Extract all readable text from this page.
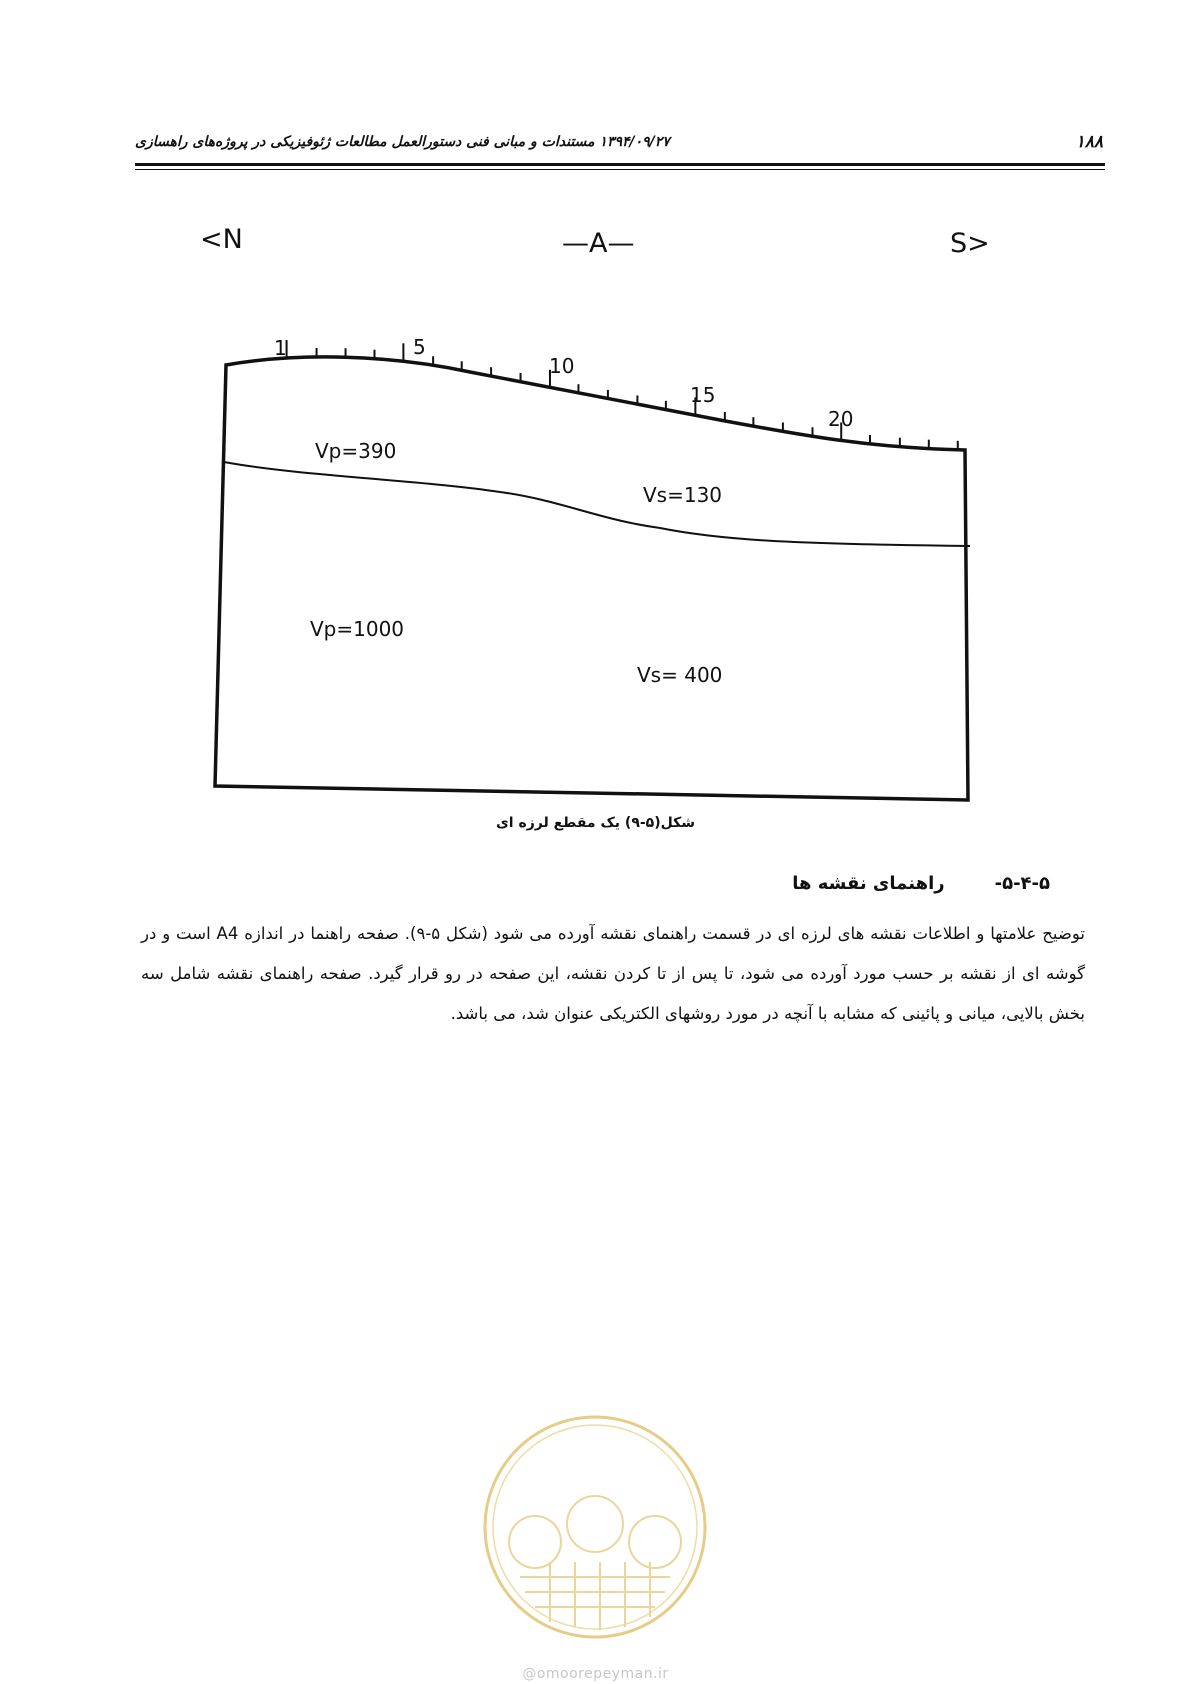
۱۳۹۴/۰۹/۲۷ مستندات و مبانی فنی دستورالعمل مطالعات ژئوفیزیکی در پروژه‌های راهسازی	۱۸۸
<N	—A—	S>
1	5
10
15
20
Vp=390
Vs=130
Vp=1000
Vs= 400
شکل(۵-۹) یک مقطع لرزه ای
۵-۴-۵-راهنمای نقشه ها
توضیح علامتها و اطلاعات نقشه های لرزه ای در قسمت راهنمای نقشه آورده می شود (شکل ۵-۹). صفحه راهنما در اندازه A4 است و در گوشه ای از نقشه بر حسب مورد آورده می شود، تا پس از تا کردن نقشه، این صفحه در رو قرار گیرد. صفحه راهنمای نقشه شامل سه بخش بالایی، میانی و پائینی که مشابه با آنچه در مورد روشهای الکتریکی عنوان شد، می باشد.
@omoorepeyman.ir
